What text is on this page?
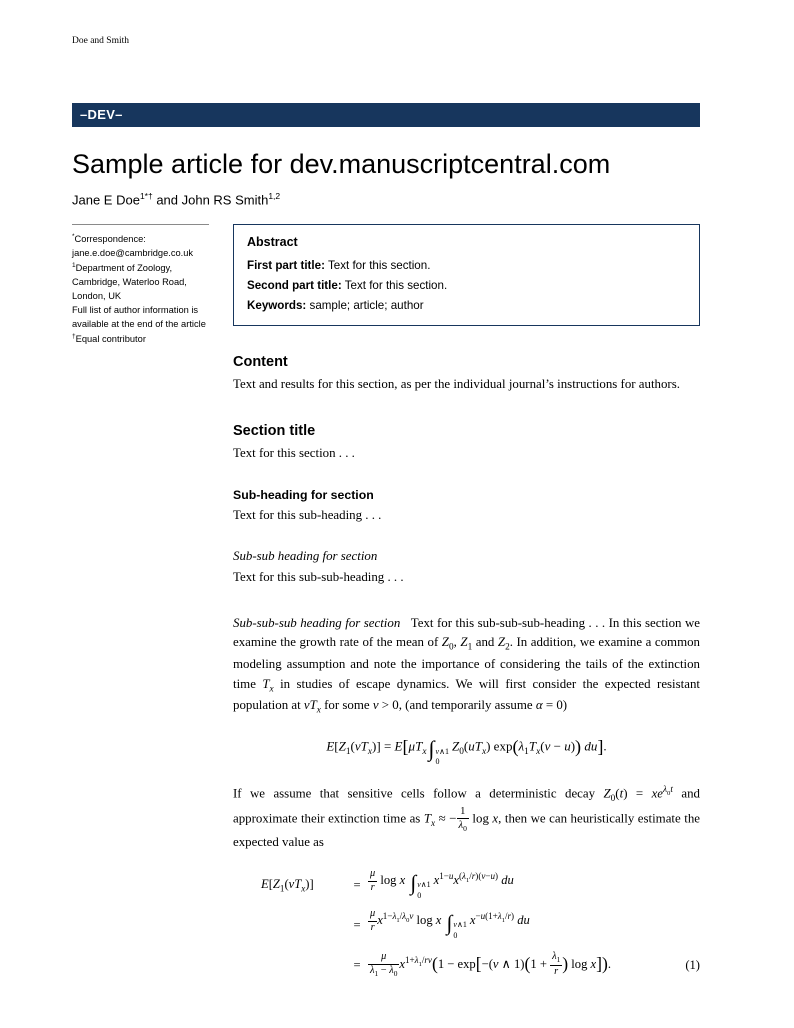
Doe and Smith
–DEV–
Sample article for dev.manuscriptcentral.com
Jane E Doe$^{1*\dagger}$ and John RS Smith$^{1,2}$
*Correspondence:
jane.e.doe@cambridge.co.uk
$^1$Department of Zoology,
Cambridge, Waterloo Road,
London, UK
Full list of author information is
available at the end of the article
†Equal contributor
Abstract
First part title: Text for this section.
Second part title: Text for this section.
Keywords: sample; article; author
Content

Text and results for this section, as per the individual journal’s instructions for authors.

Section title

Text for this section . . .

Sub-heading for section

Text for this sub-heading . . .

Sub-sub heading for section

Text for this sub-sub-heading . . .

Sub-sub-sub heading for section Text for this sub-sub-sub-heading . . . In this section we examine the growth rate of the mean of $Z_0$, $Z_1$ and $Z_2$. In addition, we examine a common modeling assumption and note the importance of considering the tails of the extinction time $T_x$ in studies of escape dynamics. We will first consider the expected resistant population at $vT_x$ for some v > 0, (and temporarily assume α = 0)

$E[Z_1(vT_x)] = E[\mu T_x\int$ v∧1
0
$Z_0(uT_x) \exp(\lambda_1T_x(v - u))$ du].

If we assume that sensitive cells follow a deterministic decay $Z_0(t) = xe^{\lambda_0t}$ and approximate their extinction time as $T_x$ ≈ − $\frac{1}{\lambda_0}$ log x, then we can heuristically estimate the expected value as

$E[Z_1(vT_x)]$	= $\frac{\mu}{r}$ log x ∫ v∧1
0
$x^{1-u}x^{(\lambda_1/r)(v-u)}$ du
= $\frac{\mu}{r} x^{1-\lambda_1/\lambda_0v}$ log x ∫ v∧1
0
$x^{-u(1+\lambda_1/r)}$ du
= $\frac{\mu}{\lambda_1 - \lambda_0} x^{1+\lambda_1/rv}(1 - \exp[-(v$ ∧ $1)(1 + \frac{\lambda_1}{r}$ ) log x]).	(1)
